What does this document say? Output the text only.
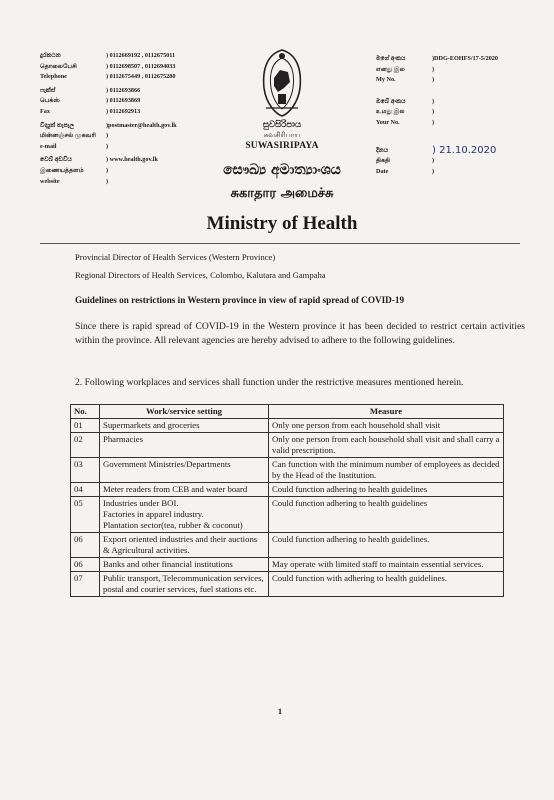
දුරකථන	) 0112669192 , 0112675011
தொலைபேசி	) 0112698507 , 0112694033
Telephone	) 0112675449 , 0112675280
ෆැක්ස්	) 0112693866
பெக்ஸ்	) 0112693869
Fax	) 0112692913
විද්‍යුත් තැපැල	)postmaster@health.gov.lk
மின்னஞ்சல் முகவரி	)
e-mail	)
වෙබ් අඩවිය	) www.health.gov.lk
இணையத்தளம்	)
website	)
සුවසිරිපාය
சுவசிரிபாய
SUWASIRIPAYA
මගේ අංකය	)DDG-EOHFS/17-5/2020
எனது இல	)
My No.	)
ඔබේ අංකය	)
உமது இல	)
Your No.	)
දිනය	) 21.10.2020
திகதி	)
Date	)
සෞඛ්‍ය අමාත්‍යාංශය
சுகாதார அமைச்சு
Ministry of Health
Provincial Director of Health Services (Western Province)
Regional Directors of Health Services, Colombo, Kalutara and Gampaha
Guidelines on restrictions in Western province in view of rapid spread of COVID-19
Since there is rapid spread of COVID-19 in the Western province it has been decided to restrict certain activities within the province. All relevant agencies are hereby advised to adhere to the following guidelines.
2. Following workplaces and services shall function under the restrictive measures mentioned herein.
No.	Work/service setting	Measure
01	Supermarkets and groceries	Only one person from each household shall visit
02	Pharmacies	Only one person from each household shall visit and shall carry a valid prescription.
03	Government Ministries/Departments	Can function with the minimum number of employees as decided by the Head of the Institution.
04	Meter readers from CEB and water board	Could function adhering to health guidelines
05	Industries under BOI.
Factories in apparel industry.
Plantation sector(tea, rubber & coconut)	Could function adhering to health guidelines
06	Export oriented industries and their auctions & Agricultural activities.	Could function adhering to health guidelines.
06	Banks and other financial institutions	May operate with limited staff to maintain essential services.
07	Public transport, Telecommunication services, postal and courier services, fuel stations etc.	Could function with adhering to health guidelines.
1
